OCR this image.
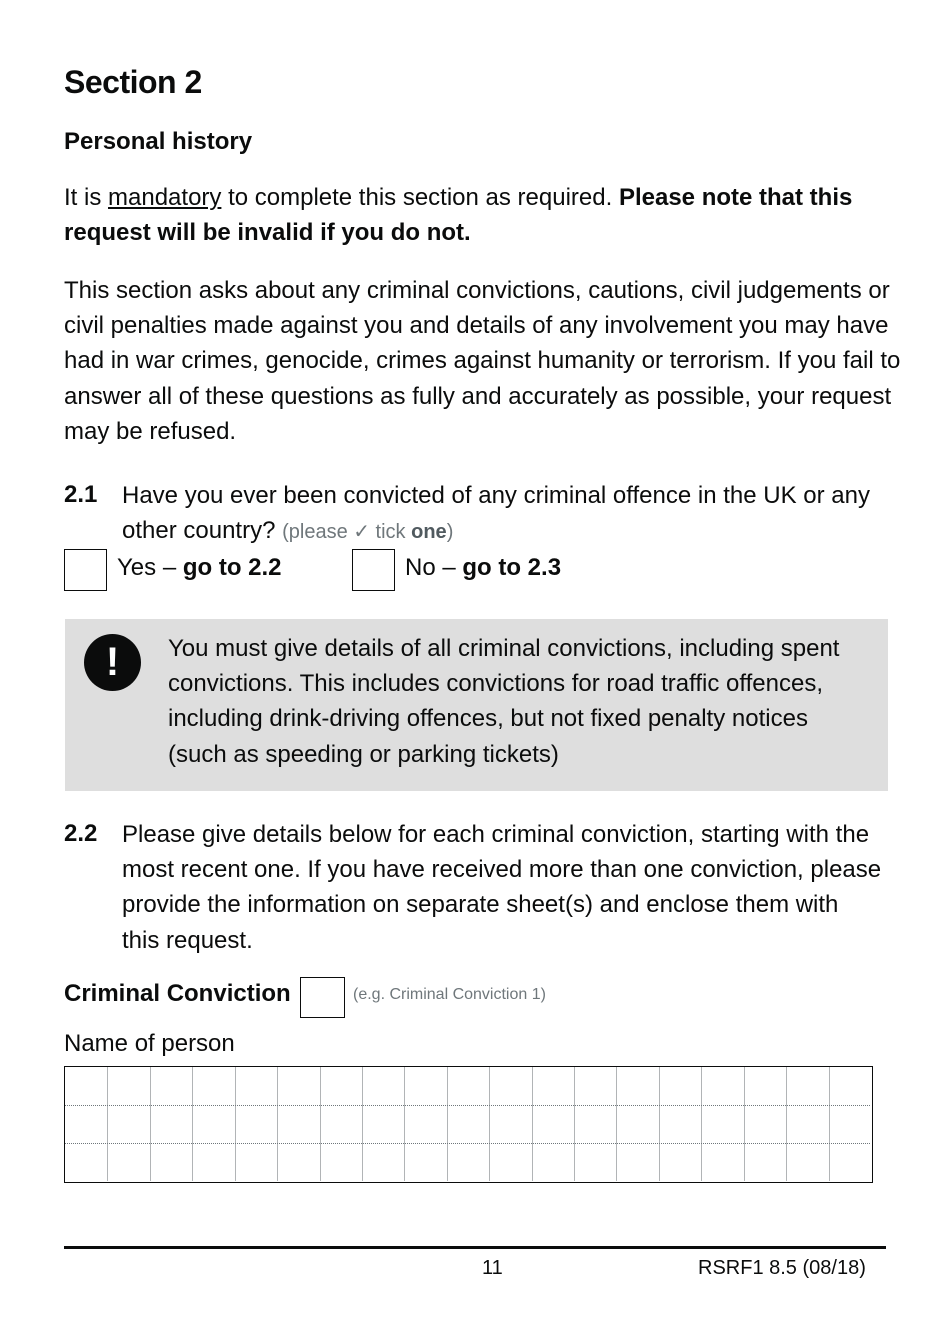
Section 2
Personal history
It is mandatory to complete this section as required. Please note that this request will be invalid if you do not.
This section asks about any criminal convictions, cautions, civil judgements or civil penalties made against you and details of any involvement you may have had in war crimes, genocide, crimes against humanity or terrorism. If you fail to answer all of these questions as fully and accurately as possible, your request may be refused.
2.1 Have you ever been convicted of any criminal offence in the UK or any other country? (please ✓ tick one)
Yes – go to 2.2	No – go to 2.3
!	You must give details of all criminal convictions, including spent convictions. This includes convictions for road traffic offences, including drink-driving offences, but not fixed penalty notices (such as speeding or parking tickets)
2.2 Please give details below for each criminal conviction, starting with the most recent one. If you have received more than one conviction, please provide the information on separate sheet(s) and enclose them with this request.
Criminal Conviction	(e.g. Criminal Conviction 1)
Name of person
11	RSRF1 8.5 (08/18)
